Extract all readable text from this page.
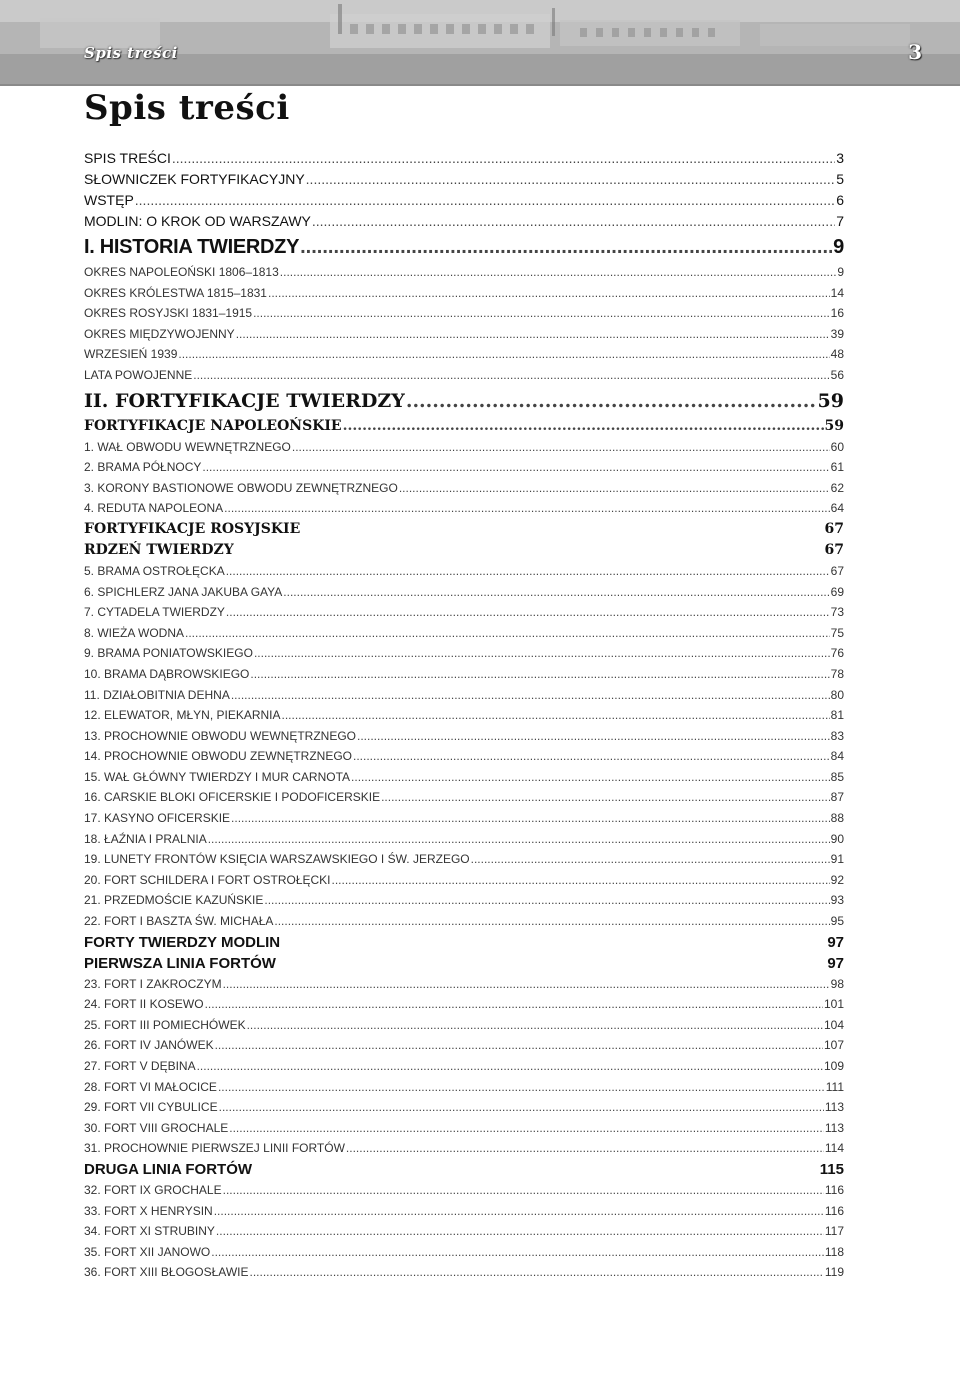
Spis treści	3
Spis treści
SPIS TREŚCI .....	3
SŁOWNICZEK FORTYFIKACYJNY .....	5
WSTĘP .....	6
MODLIN: O KROK OD WARSZAWY .....	7
I. HISTORIA TWIERDZY .....	9
OKRES NAPOLEOŃSKI 1806–1813 .....	9
OKRES KRÓLESTWA 1815–1831 .....	14
OKRES ROSYJSKI 1831–1915 .....	16
OKRES MIĘDZYWOJENNY .....	39
WRZESIEŃ 1939 .....	48
LATA POWOJENNE .....	56
II. FORTYFIKACJE TWIERDZY .....	59
FORTYFIKACJE NAPOLEOŃSKIE .....	59
1. WAŁ OBWODU WEWNĘTRZNEGO .....	60
2. BRAMA PÓŁNOCY .....	61
3. KORONY BASTIONOWE OBWODU ZEWNĘTRZNEGO .....	62
4. REDUTA NAPOLEONA .....	64
FORTYFIKACJE ROSYJSKIE	67
RDZEŃ TWIERDZY	67
5. BRAMA OSTROŁĘCKA .....	67
6. SPICHLERZ JANA JAKUBA GAYA .....	69
7. CYTADELA TWIERDZY .....	73
8. WIEŻA WODNA .....	75
9. BRAMA PONIATOWSKIEGO .....	76
10. BRAMA DĄBROWSKIEGO .....	78
11. DZIAŁOBITNIA DEHNA .....	80
12. ELEWATOR, MŁYN, PIEKARNIA .....	81
13. PROCHOWNIE OBWODU WEWNĘTRZNEGO .....	83
14. PROCHOWNIE OBWODU ZEWNĘTRZNEGO .....	84
15. WAŁ GŁÓWNY TWIERDZY I MUR CARNOTA .....	85
16. CARSKIE BLOKI OFICERSKIE I PODOFICERSKIE .....	87
17. KASYNO OFICERSKIE .....	88
18. ŁAŹNIA I PRALNIA .....	90
19. LUNETY FRONTÓW KSIĘCIA WARSZAWSKIEGO I ŚW. JERZEGO .....	91
20. FORT SCHILDERA I FORT OSTROŁĘCKI .....	92
21. PRZEDMOŚCIE KAZUŃSKIE .....	93
22. FORT I BASZTA ŚW. MICHAŁA .....	95
FORTY TWIERDZY MODLIN	97
PIERWSZA LINIA FORTÓW	97
23. FORT I ZAKROCZYM .....	98
24. FORT II KOSEWO .....	101
25. FORT III POMIECHÓWEK .....	104
26. FORT IV JANÓWEK .....	107
27. FORT V DĘBINA .....	109
28. FORT VI MAŁOCICE .....	111
29. FORT VII CYBULICE .....	113
30. FORT VIII GROCHALE .....	113
31. PROCHOWNIE PIERWSZEJ LINII FORTÓW .....	114
DRUGA LINIA FORTÓW	115
32. FORT IX GROCHALE .....	116
33. FORT X HENRYSIN .....	116
34. FORT XI STRUBINY .....	117
35. FORT XII JANOWO .....	118
36. FORT XIII BŁOGOSŁAWIE .....	119
